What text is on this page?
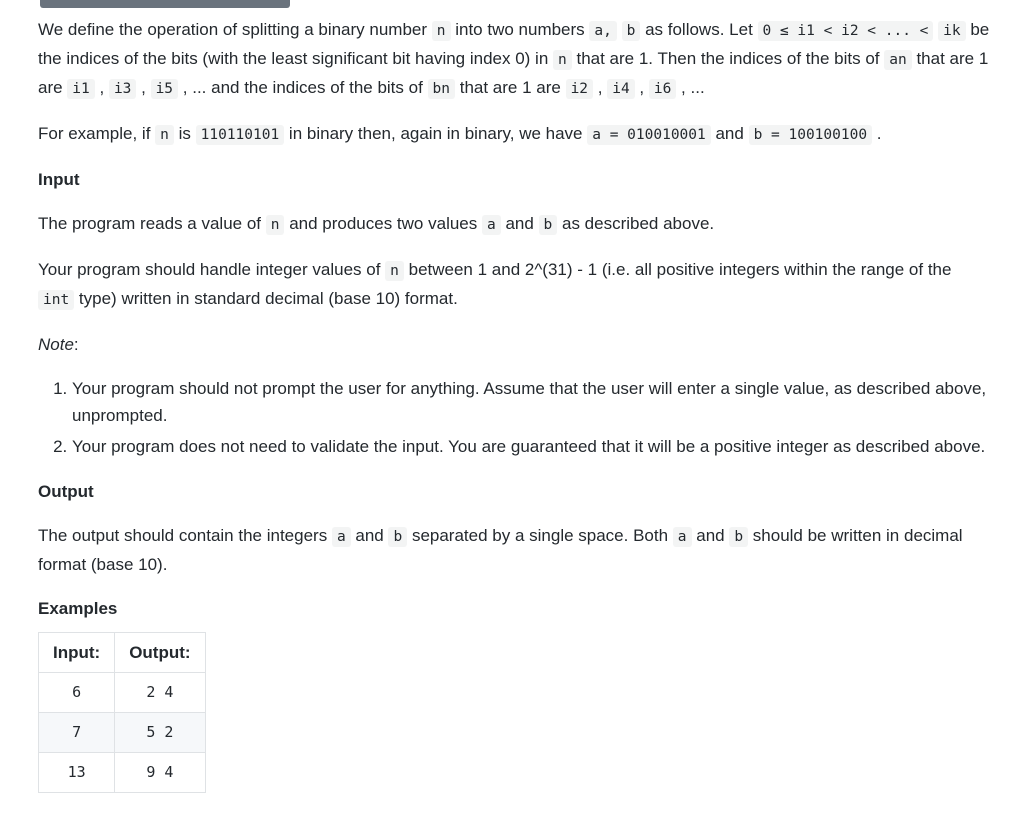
We define the operation of splitting a binary number n into two numbers a, b as follows. Let 0 ≤ i1 < i2 < ... < ik be the indices of the bits (with the least significant bit having index 0) in n that are 1. Then the indices of the bits of an that are 1 are i1 , i3 , i5 , ... and the indices of the bits of bn that are 1 are i2 , i4 , i6 , ...

For example, if n is 110110101 in binary then, again in binary, we have a = 010010001 and b = 100100100 .

Input

The program reads a value of n and produces two values a and b as described above.

Your program should handle integer values of n between 1 and 2^(31) - 1 (i.e. all positive integers within the range of the int type) written in standard decimal (base 10) format.

Note:

1. Your program should not prompt the user for anything. Assume that the user will enter a single value, as described above, unprompted.
2. Your program does not need to validate the input. You are guaranteed that it will be a positive integer as described above.
Output

The output should contain the integers a and b separated by a single space. Both a and b should be written in decimal format (base 10).

Examples
Input:	Output:
6	2 4
7	5 2
13	9 4
